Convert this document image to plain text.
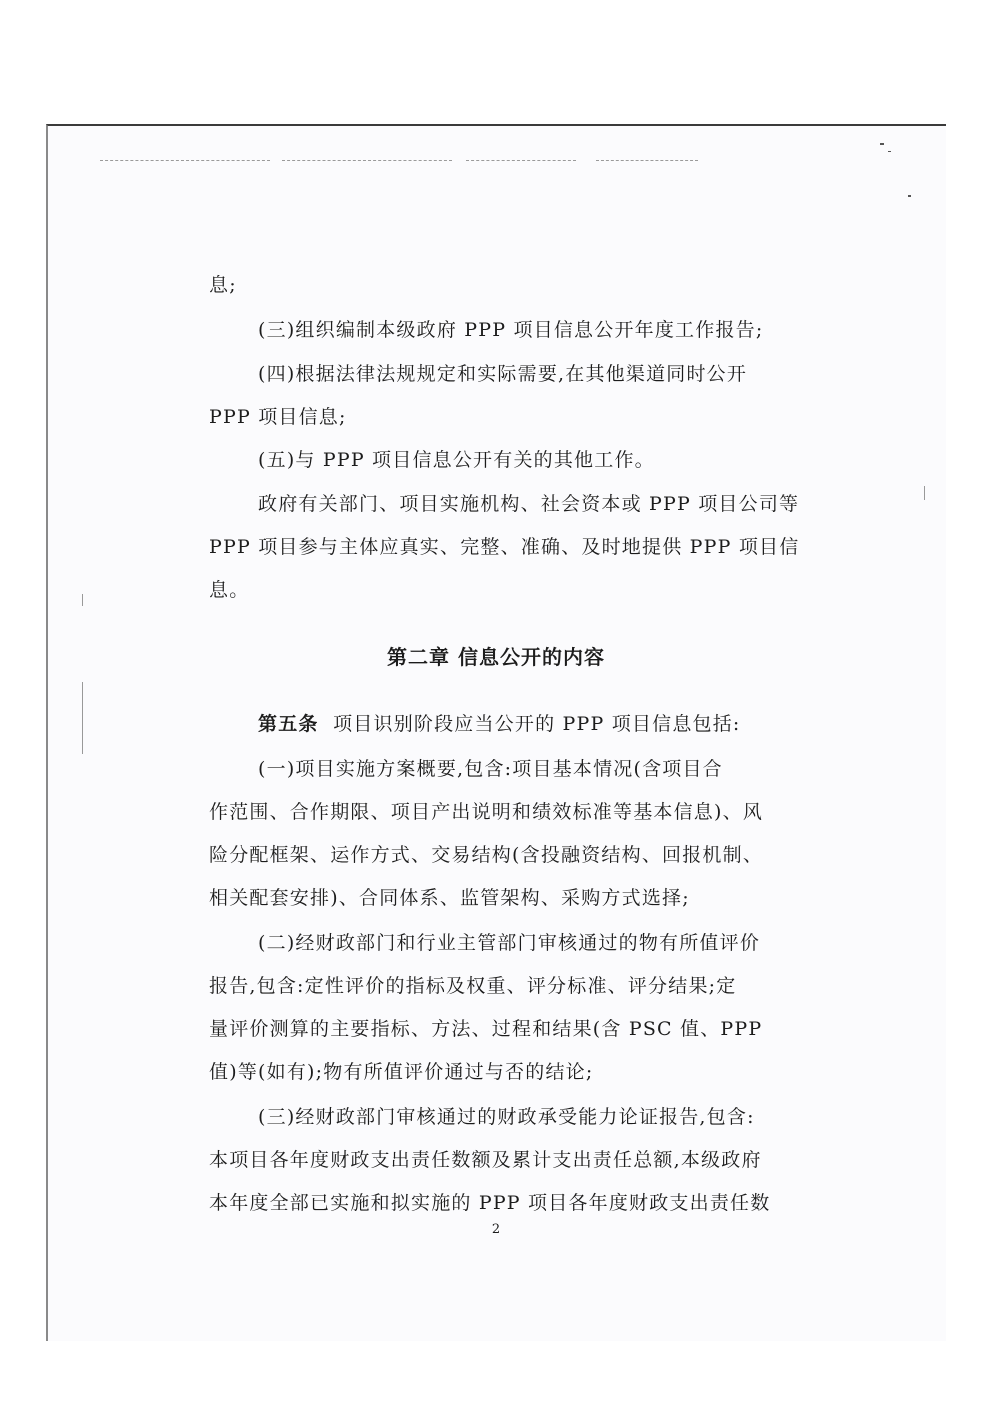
息;
(三)组织编制本级政府 PPP 项目信息公开年度工作报告;
(四)根据法律法规规定和实际需要,在其他渠道同时公开
PPP 项目信息;
(五)与 PPP 项目信息公开有关的其他工作。
政府有关部门、项目实施机构、社会资本或 PPP 项目公司等
PPP 项目参与主体应真实、完整、准确、及时地提供 PPP 项目信
息。
第二章 信息公开的内容
第五条 项目识别阶段应当公开的 PPP 项目信息包括:
(一)项目实施方案概要,包含:项目基本情况(含项目合
作范围、合作期限、项目产出说明和绩效标准等基本信息)、风
险分配框架、运作方式、交易结构(含投融资结构、回报机制、
相关配套安排)、合同体系、监管架构、采购方式选择;
(二)经财政部门和行业主管部门审核通过的物有所值评价
报告,包含:定性评价的指标及权重、评分标准、评分结果;定
量评价测算的主要指标、方法、过程和结果(含 PSC 值、PPP
值)等(如有);物有所值评价通过与否的结论;
(三)经财政部门审核通过的财政承受能力论证报告,包含:
本项目各年度财政支出责任数额及累计支出责任总额,本级政府
本年度全部已实施和拟实施的 PPP 项目各年度财政支出责任数
2
